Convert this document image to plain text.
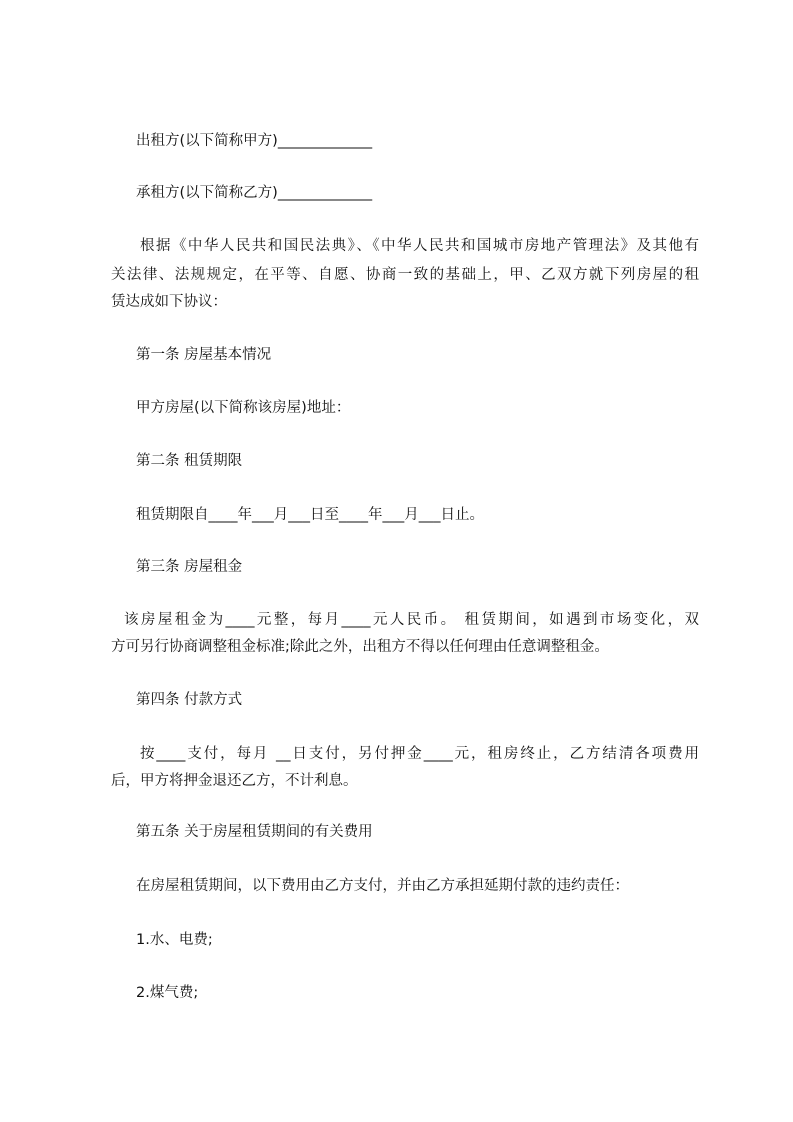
出租方(以下简称甲方)_____________

承租方(以下简称乙方)_____________

根据《中华人民共和国民法典》、《中华人民共和国城市房地产管理法》及其他有

关法律、法规规定，在平等、自愿、协商一致的基础上，甲、乙双方就下列房屋的租

赁达成如下协议：

第一条 房屋基本情况

甲方房屋(以下简称该房屋)地址：

第二条 租赁期限

租赁期限自____年___月___日至____年___月___日止。

第三条 房屋租金

该房屋租金为____元整，每月____元人民币。 租赁期间，如遇到市场变化，双

方可另行协商调整租金标准;除此之外，出租方不得以任何理由任意调整租金。

第四条 付款方式

按____支付，每月 __日支付，另付押金____元，租房终止，乙方结清各项费用

后，甲方将押金退还乙方，不计利息。

第五条 关于房屋租赁期间的有关费用

在房屋租赁期间，以下费用由乙方支付，并由乙方承担延期付款的违约责任：

1.水、电费;

2.煤气费;
